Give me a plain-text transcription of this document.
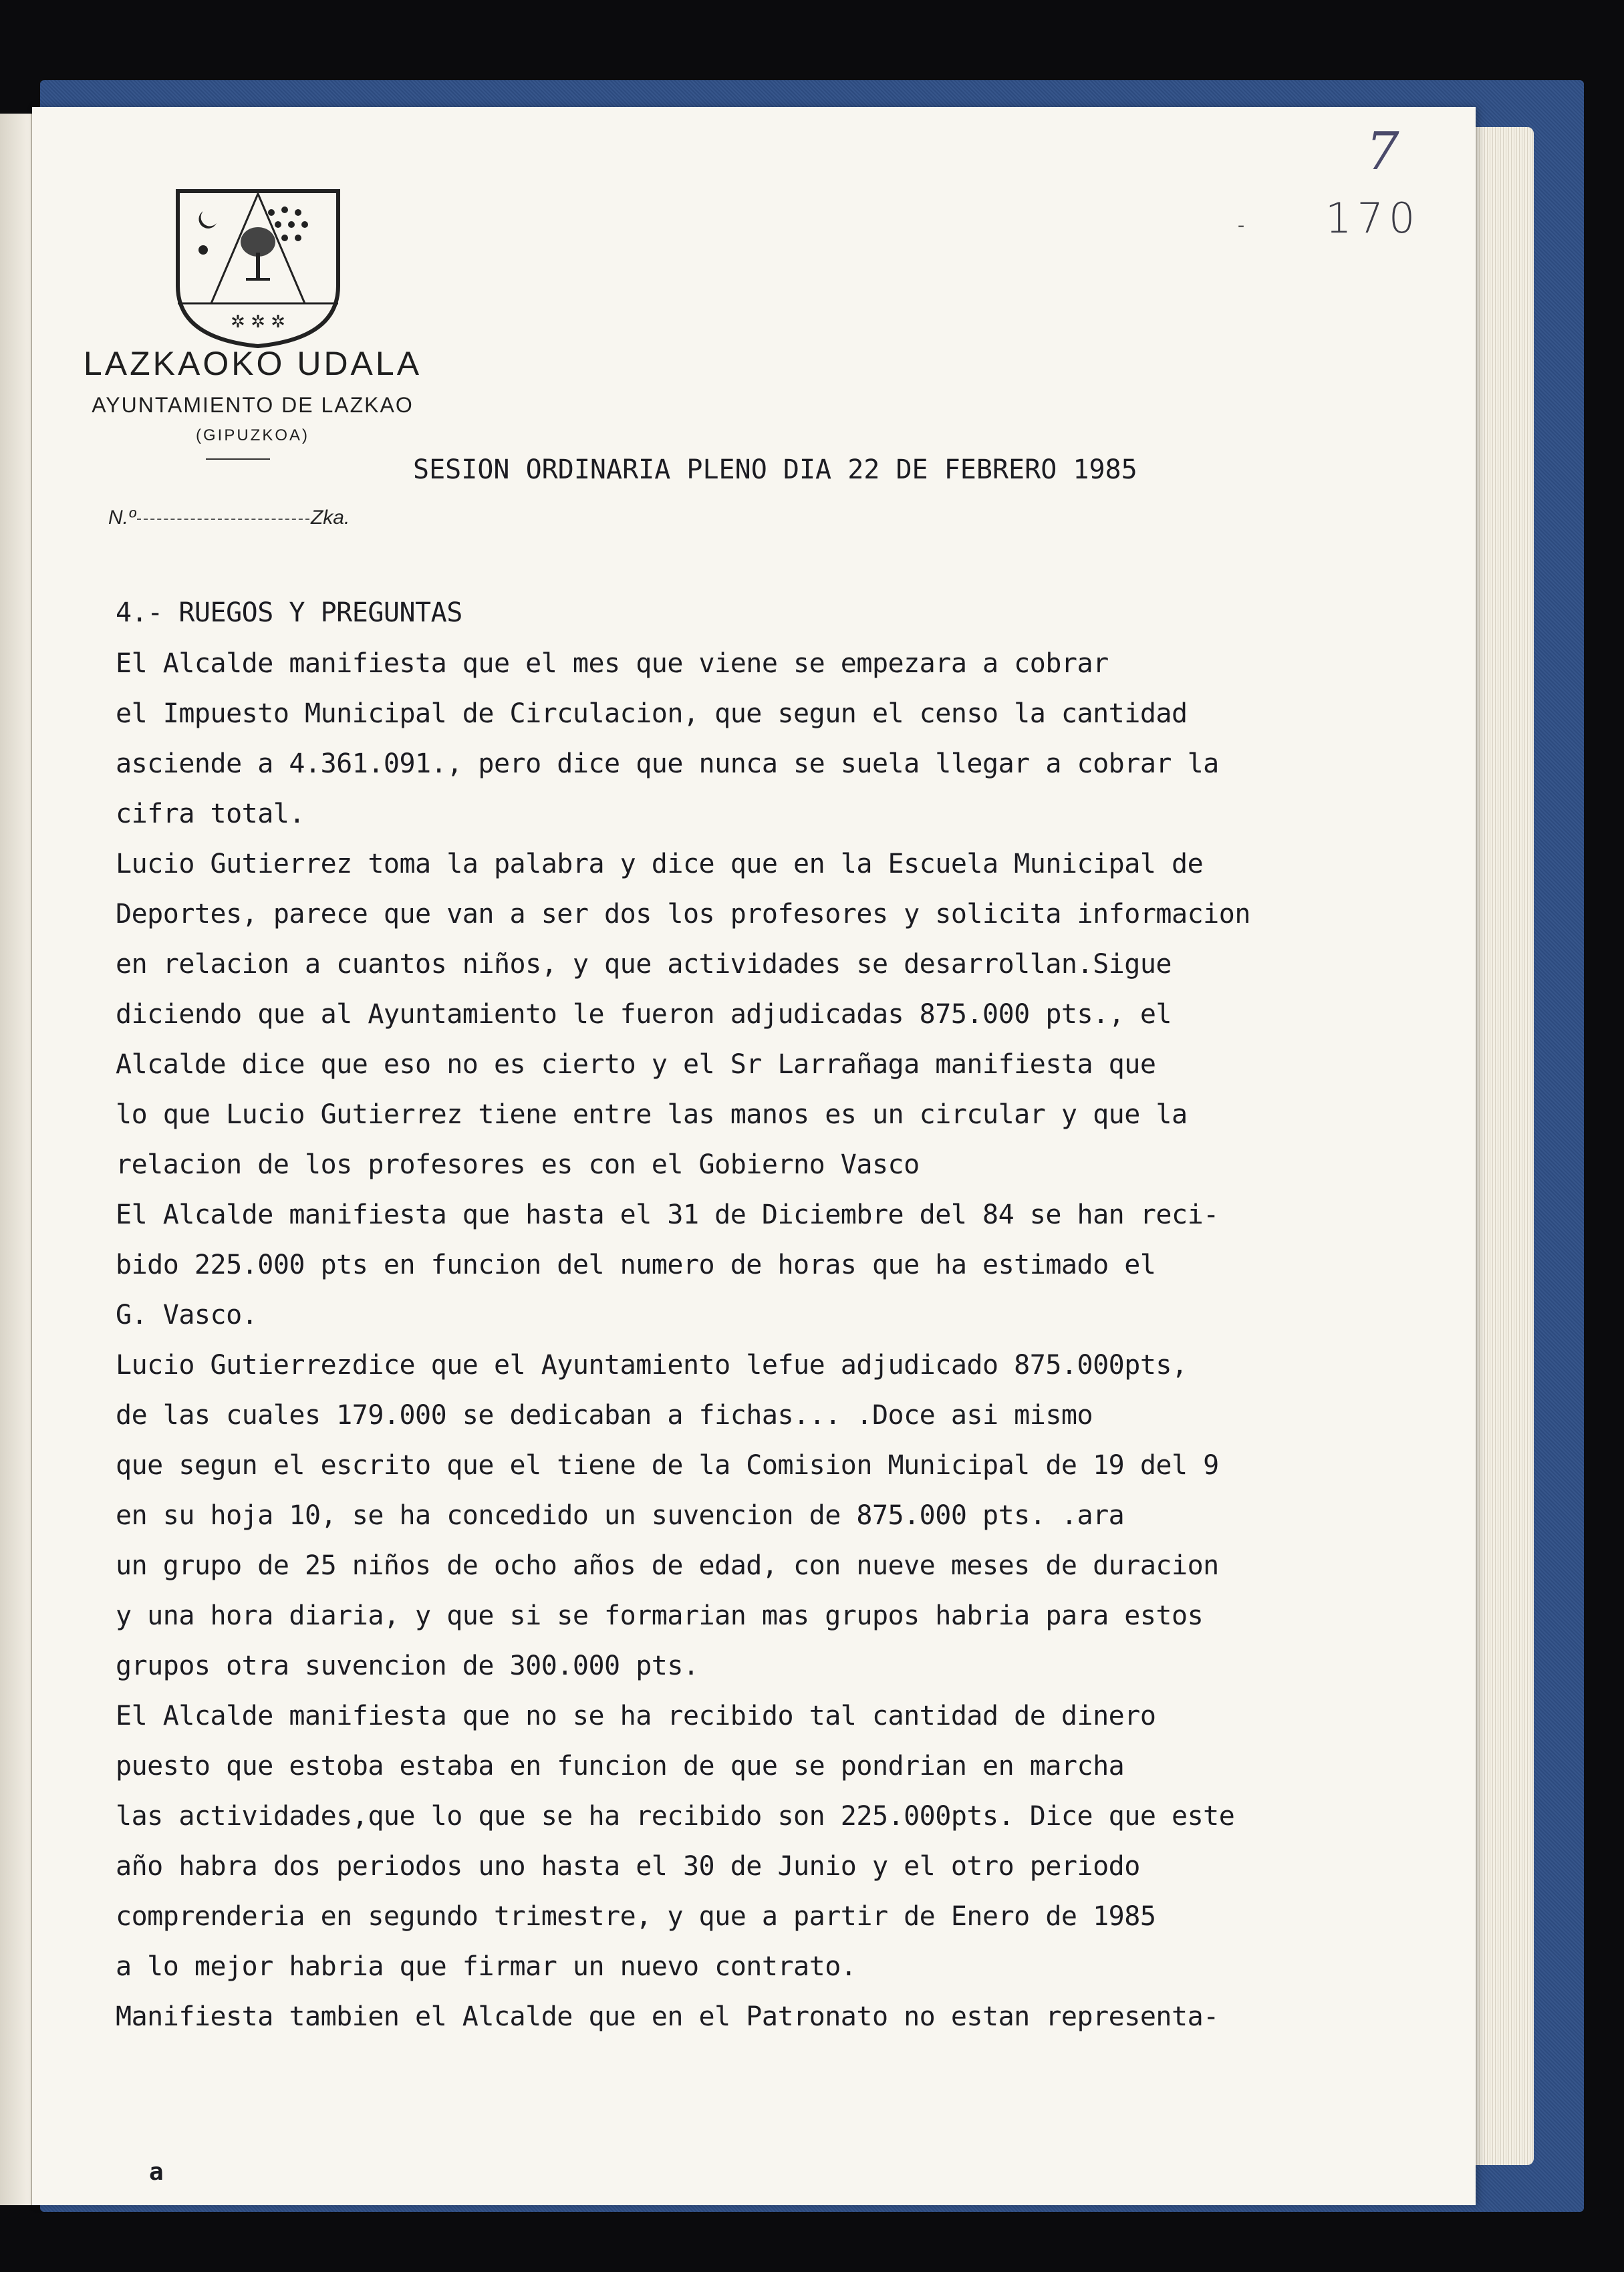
✲ ✲ ✲
LAZKAOKO UDALA
AYUNTAMIENTO DE LAZKAO
(GIPUZKOA)
N.º	Zka.
-
7
170
SESION ORDINARIA PLENO DIA 22 DE FEBRERO 1985
4.- RUEGOS Y PREGUNTAS
El Alcalde manifiesta que el mes que viene se empezara a cobrar
el Impuesto Municipal de Circulacion, que segun el censo la cantidad
asciende a 4.361.091., pero dice que nunca se suela llegar a cobrar la
cifra total.
Lucio Gutierrez toma la palabra y dice que en la Escuela Municipal de
Deportes, parece que van a ser dos los profesores y solicita informacion
en relacion a cuantos niños, y que actividades se desarrollan.Sigue
diciendo que al Ayuntamiento le fueron adjudicadas 875.000 pts., el
Alcalde dice que eso no es cierto y el Sr Larrañaga manifiesta que
lo que Lucio Gutierrez tiene entre las manos es un circular y que la
relacion de los profesores es con el Gobierno Vasco
El Alcalde manifiesta que hasta el 31 de Diciembre del 84 se han reci-
bido 225.000 pts en funcion del numero de horas que ha estimado el
G. Vasco.
Lucio Gutierrezdice que el Ayuntamiento lefue adjudicado 875.000pts,
de las cuales 179.000 se dedicaban a fichas... .Doce asi mismo
que segun el escrito que el tiene de la Comision Municipal de 19 del 9
en su hoja 10, se ha concedido un suvencion de 875.000 pts. .ara
un grupo de 25 niños de ocho años de edad, con nueve meses de duracion
y una hora diaria, y que si se formarian mas grupos habria para estos
grupos otra suvencion de 300.000 pts.
El Alcalde manifiesta que no se ha recibido tal cantidad de dinero
puesto que estoba estaba en funcion de que se pondrian en marcha
las actividades,que lo que se ha recibido son 225.000pts. Dice que este
año habra dos periodos uno hasta el 30 de Junio y el otro periodo
comprenderia en segundo trimestre, y que a partir de Enero de 1985
a lo mejor habria que firmar un nuevo contrato.
Manifiesta tambien el Alcalde que en el Patronato no estan representa-
a
